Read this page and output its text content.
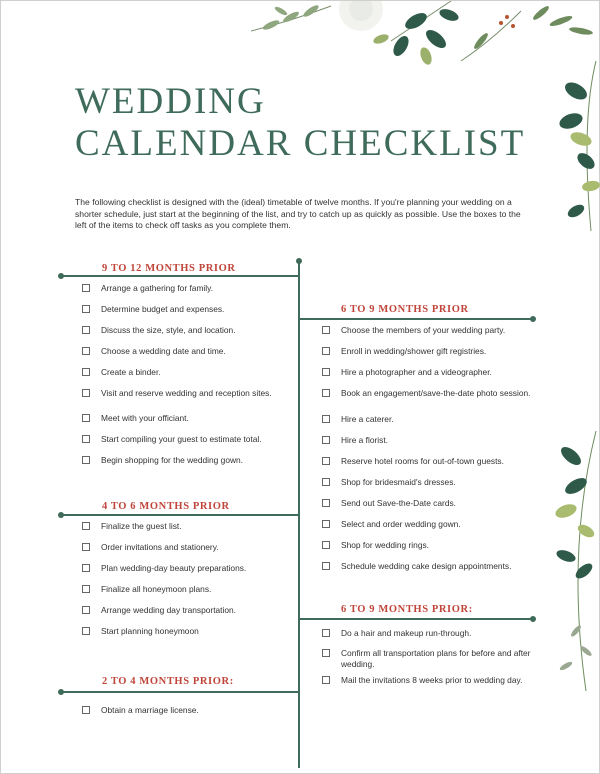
WEDDING
CALENDAR CHECKLIST

The following checklist is designed with the (ideal) timetable of twelve months. If you're planning your wedding on a shorter schedule, just start at the beginning of the list, and try to catch up as quickly as possible. Use the boxes to the left of the items to check off tasks as you complete them.

9 TO 12 MONTHS PRIOR
Arrange a gathering for family.
Determine budget and expenses.
Discuss the size, style, and location.
Choose a wedding date and time.
Create a binder.
Visit and reserve wedding and reception sites.
Meet with your officiant.
Start compiling your guest to estimate total.
Begin shopping for the wedding gown.
4 TO 6 MONTHS PRIOR
Finalize the guest list.
Order invitations and stationery.
Plan wedding-day beauty preparations.
Finalize all honeymoon plans.
Arrange wedding day transportation.
Start planning honeymoon
2 TO 4 MONTHS PRIOR:
Obtain a marriage license.
6 TO 9 MONTHS PRIOR
Choose the members of your wedding party.
Enroll in wedding/shower gift registries.
Hire a photographer and a videographer.
Book an engagement/save-the-date photo session.
Hire a caterer.
Hire a florist.
Reserve hotel rooms for out-of-town guests.
Shop for bridesmaid's dresses.
Send out Save-the-Date cards.
Select and order wedding gown.
Shop for wedding rings.
Schedule wedding cake design appointments.
6 TO 9 MONTHS PRIOR:
Do a hair and makeup run-through.
Confirm all transportation plans for before and after wedding.
Mail the invitations 8 weeks prior to wedding day.
